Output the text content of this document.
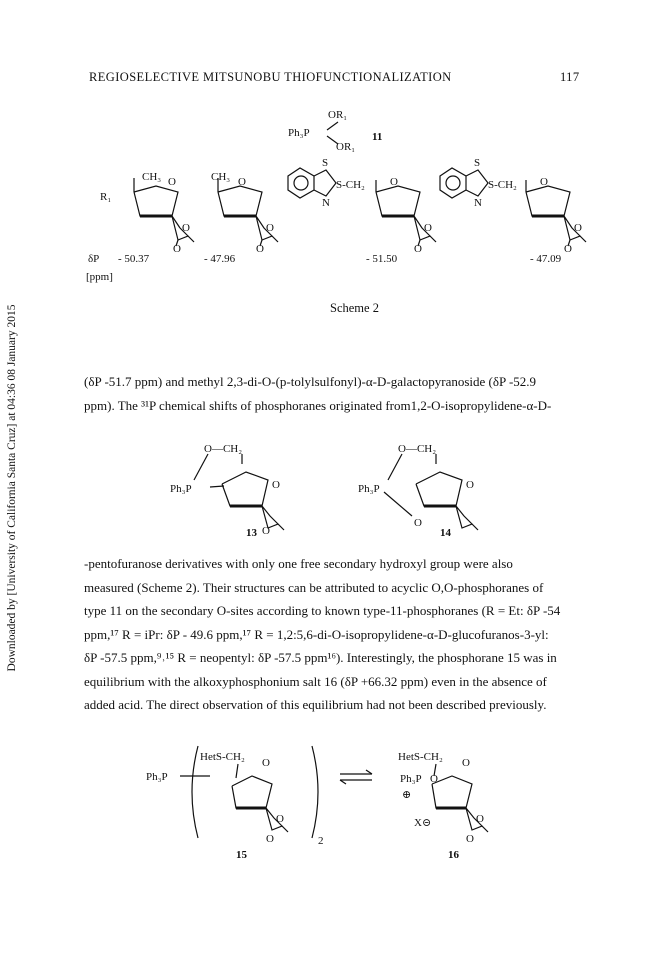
REGIOSELECTIVE MITSUNOBU THIOFUNCTIONALIZATION	117
Downloaded by [University of California Santa Cruz] at 04:36 08 January 2015
OR₁
Ph₃P
OR₁
11
R₁
CH₃ O
O
O
CH₃ O
O
O
S
N
S-CH₂ O
O
O
S
N
S-CH₂ O
O
O
δP
[ppm]
- 50.37	- 47.96	- 51.50	- 47.09
Scheme 2

(δP -51.7 ppm) and methyl 2,3-di-O-(p-tolylsulfonyl)-α-D-galactopyranoside (δP -52.9

ppm). The ³¹P chemical shifts of phosphoranes originated from1,2-O-isopropylidene-α-D-

O—CH₂
Ph₃P	O
O
13
O—CH₂
Ph₃P	O
O
14

-pentofuranose derivatives with only one free secondary hydroxyl group were also

measured (Scheme 2). Their structures can be attributed to acyclic O,O-phosphoranes of

type 11 on the secondary O-sites according to known type-11-phosphoranes (R = Et: δP -54

ppm,¹⁷ R = iPr: δP - 49.6 ppm,¹⁷ R = 1,2:5,6-di-O-isopropylidene-α-D-glucofuranos-3-yl:

δP -57.5 ppm,⁹˒¹⁵ R = neopentyl: δP -57.5 ppm¹⁶). Interestingly, the phosphorane 15 was in

equilibrium with the alkoxyphosphonium salt 16 (δP +66.32 ppm) even in the absence of

added acid. The direct observation of this equilibrium had not been described previously.

HetS-CH₂ O
Ph₃P
O
O	2
15
HetS-CH₂ O
Ph₃P O
⊕
X⊝	O
O
16
